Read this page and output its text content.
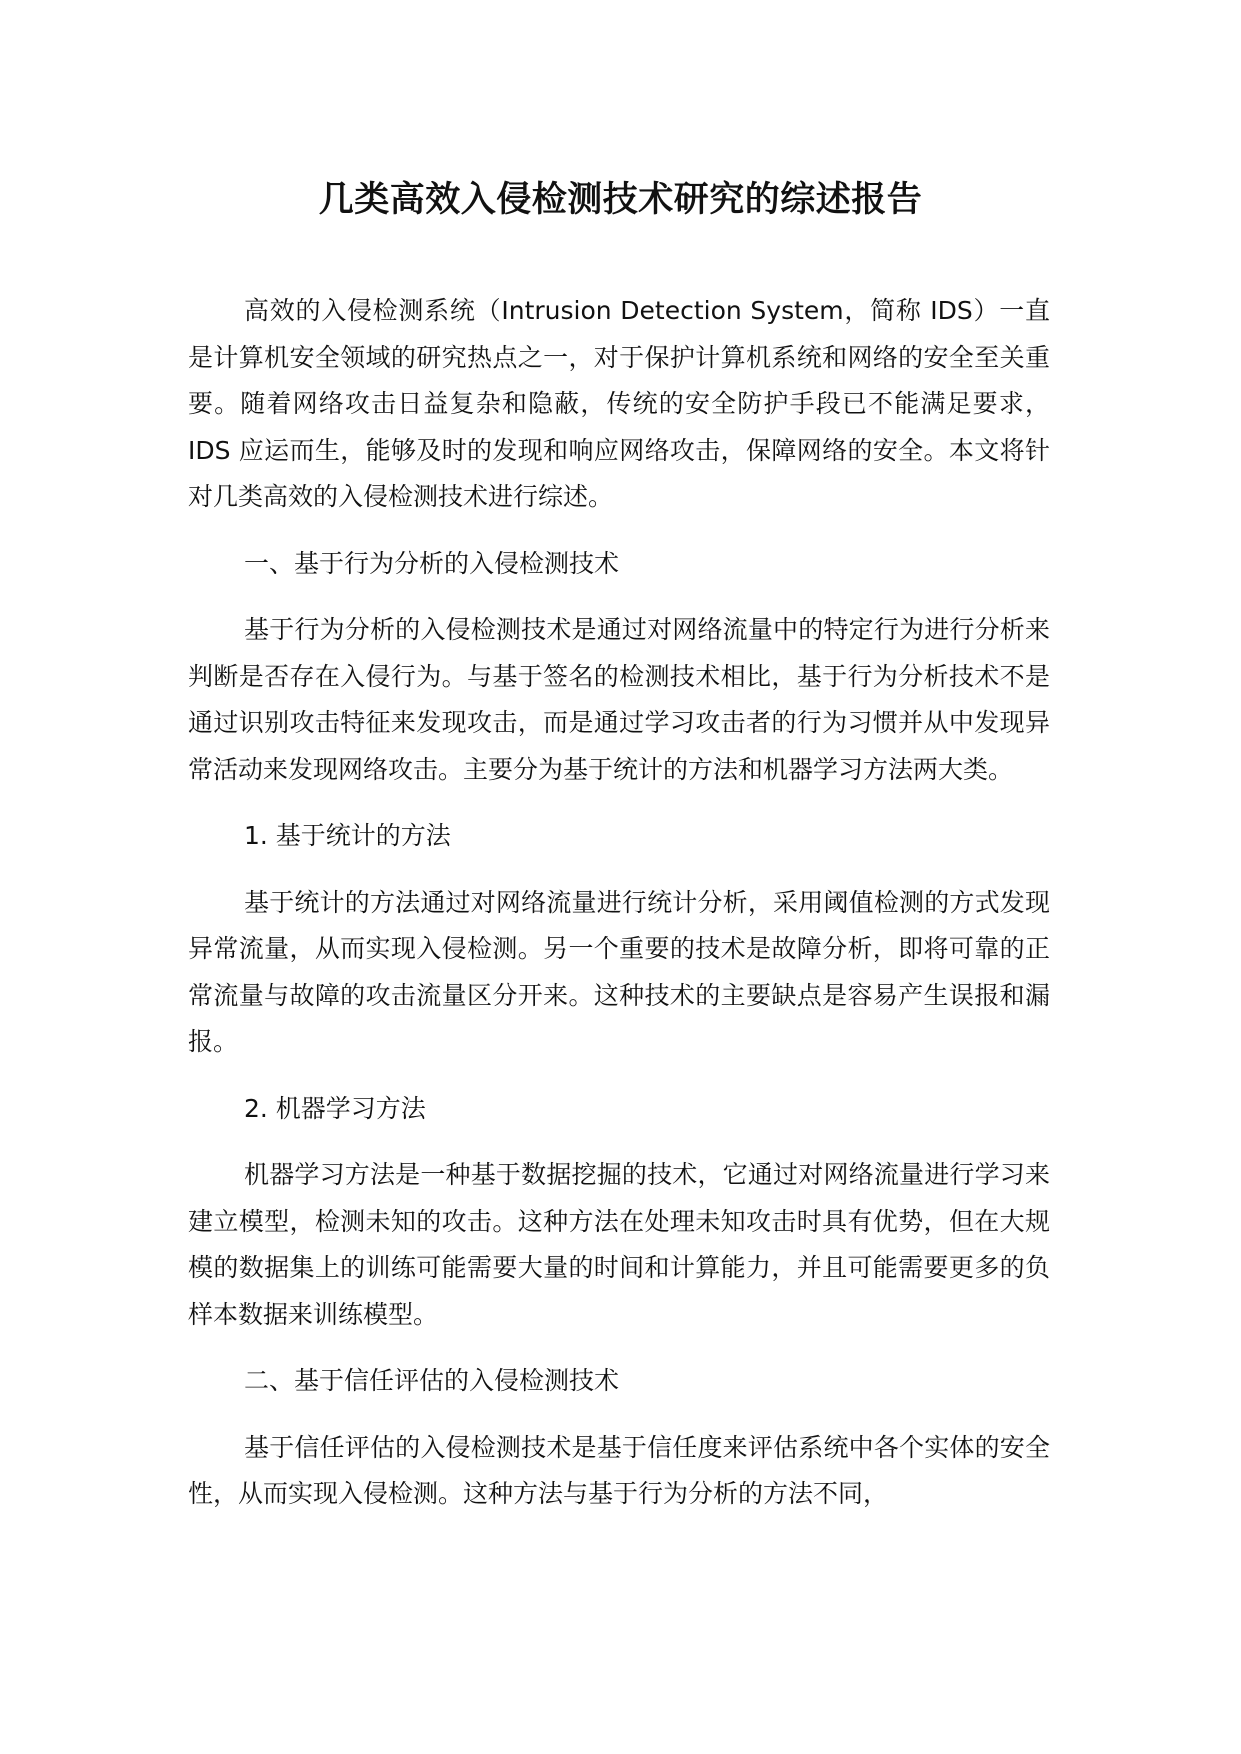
几类高效入侵检测技术研究的综述报告

高效的入侵检测系统（Intrusion Detection System，简称 IDS）一直是计算机安全领域的研究热点之一，对于保护计算机系统和网络的安全至关重要。随着网络攻击日益复杂和隐蔽，传统的安全防护手段已不能满足要求，IDS 应运而生，能够及时的发现和响应网络攻击，保障网络的安全。本文将针对几类高效的入侵检测技术进行综述。

一、基于行为分析的入侵检测技术

基于行为分析的入侵检测技术是通过对网络流量中的特定行为进行分析来判断是否存在入侵行为。与基于签名的检测技术相比，基于行为分析技术不是通过识别攻击特征来发现攻击，而是通过学习攻击者的行为习惯并从中发现异常活动来发现网络攻击。主要分为基于统计的方法和机器学习方法两大类。

1. 基于统计的方法

基于统计的方法通过对网络流量进行统计分析，采用阈值检测的方式发现异常流量，从而实现入侵检测。另一个重要的技术是故障分析，即将可靠的正常流量与故障的攻击流量区分开来。这种技术的主要缺点是容易产生误报和漏报。

2. 机器学习方法

机器学习方法是一种基于数据挖掘的技术，它通过对网络流量进行学习来建立模型，检测未知的攻击。这种方法在处理未知攻击时具有优势，但在大规模的数据集上的训练可能需要大量的时间和计算能力，并且可能需要更多的负样本数据来训练模型。

二、基于信任评估的入侵检测技术

基于信任评估的入侵检测技术是基于信任度来评估系统中各个实体的安全性，从而实现入侵检测。这种方法与基于行为分析的方法不同，
